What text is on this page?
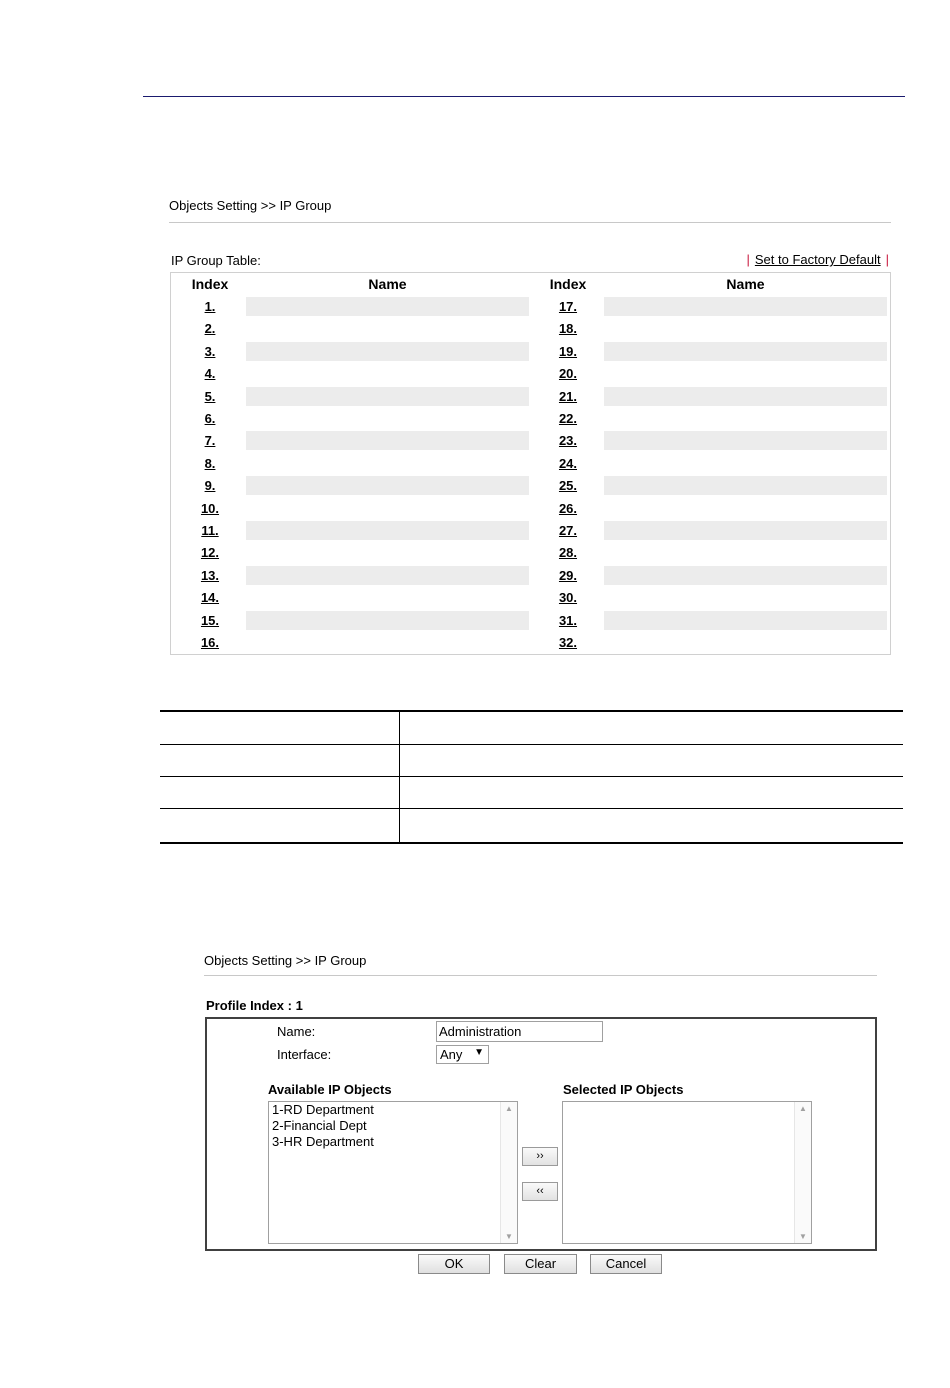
Objects Setting >> IP Group
IP Group Table:	| Set to Factory Default |
Index	Name	Index	Name
1.	17.
2.	18.
3.	19.
4.	20.
5.	21.
6.	22.
7.	23.
8.	24.
9.	25.
10.	26.
11.	27.
12.	28.
13.	29.
14.	30.
15.	31.
16.	32.
Objects Setting >> IP Group
Profile Index : 1
Name:
Administration
Interface:	Any ▼
Available IP Objects	Selected IP Objects
1-RD Department
2-Financial Dept
3-HR Department
▲
▼
››
‹‹
▲
▼
OK	Clear	Cancel
